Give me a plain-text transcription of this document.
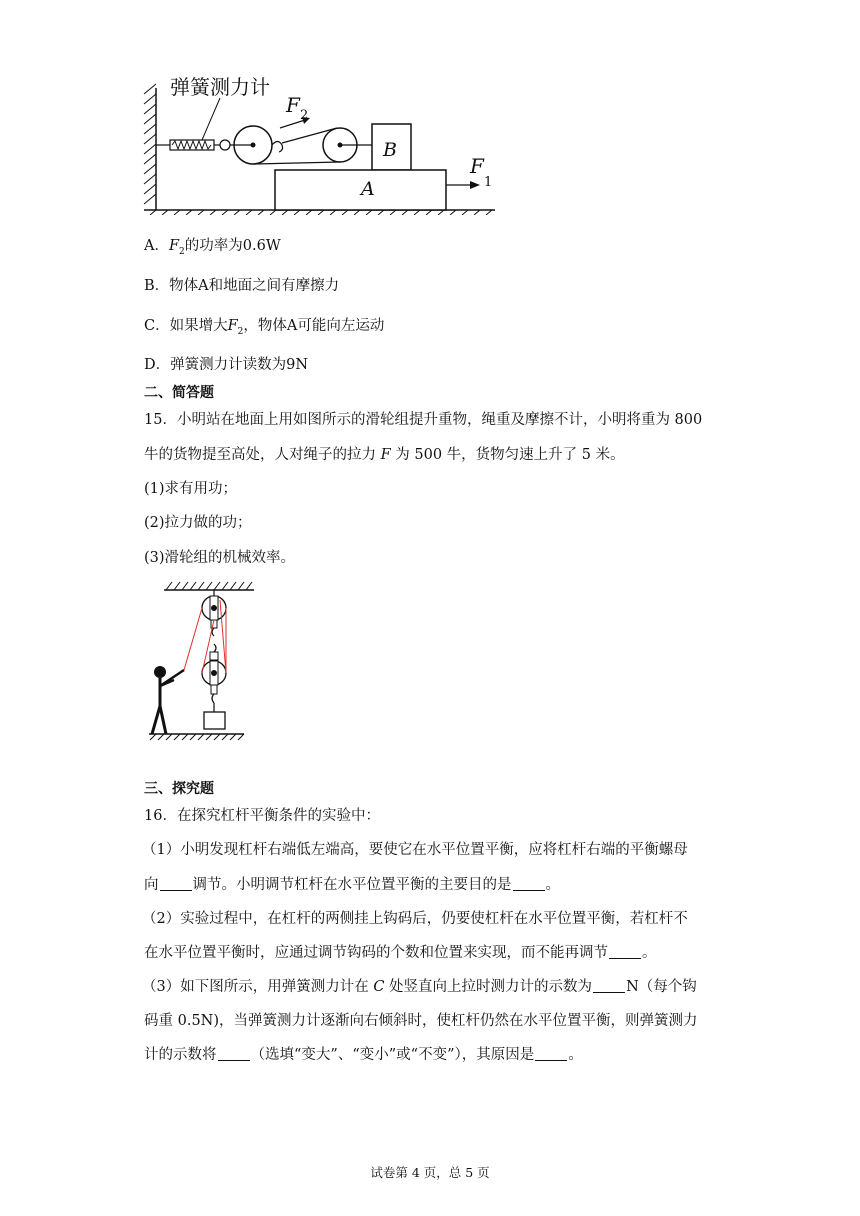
弹簧测力计
F 2
B
A
F
1
A．$F_2$的功率为0.6W
B．物体A和地面之间有摩擦力
C．如果增大$F_2$，物体A可能向左运动
D．弹簧测力计读数为9N
二、简答题
15．小明站在地面上用如图所示的滑轮组提升重物，绳重及摩擦不计，小明将重为 800
牛的货物提至高处，人对绳子的拉力 F 为 500 牛，货物匀速上升了 5 米。
(1)求有用功；
(2)拉力做的功；
(3)滑轮组的机械效率。
三、探究题
16．在探究杠杆平衡条件的实验中：
（1）小明发现杠杆右端低左端高，要使它在水平位置平衡，应将杠杆右端的平衡螺母
向 调节。小明调节杠杆在水平位置平衡的主要目的是 。
（2）实验过程中，在杠杆的两侧挂上钩码后，仍要使杠杆在水平位置平衡，若杠杆不
在水平位置平衡时，应通过调节钩码的个数和位置来实现，而不能再调节 。
（3）如下图所示，用弹簧测力计在 C 处竖直向上拉时测力计的示数为 N（每个钩
码重 0.5N)，当弹簧测力计逐渐向右倾斜时，使杠杆仍然在水平位置平衡，则弹簧测力
计的示数将 （选填“变大”、“变小”或“不变”），其原因是 。
试卷第 4 页，总 5 页
